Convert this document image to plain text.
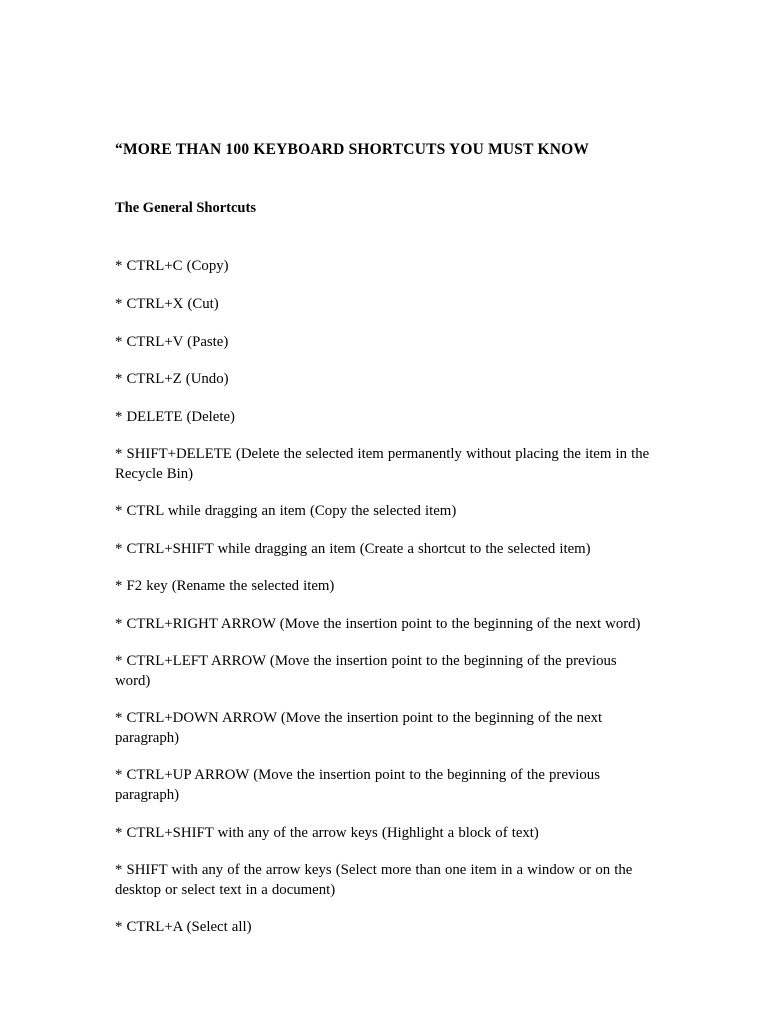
“MORE THAN 100 KEYBOARD SHORTCUTS YOU MUST KNOW
The General Shortcuts
* CTRL+C (Copy)
* CTRL+X (Cut)
* CTRL+V (Paste)
* CTRL+Z (Undo)
* DELETE (Delete)
* SHIFT+DELETE (Delete the selected item permanently without placing the item in the Recycle Bin)
* CTRL while dragging an item (Copy the selected item)
* CTRL+SHIFT while dragging an item (Create a shortcut to the selected item)
* F2 key (Rename the selected item)
* CTRL+RIGHT ARROW (Move the insertion point to the beginning of the next word)
* CTRL+LEFT ARROW (Move the insertion point to the beginning of the previous word)
* CTRL+DOWN ARROW (Move the insertion point to the beginning of the next paragraph)
* CTRL+UP ARROW (Move the insertion point to the beginning of the previous paragraph)
* CTRL+SHIFT with any of the arrow keys (Highlight a block of text)
* SHIFT with any of the arrow keys (Select more than one item in a window or on the desktop or select text in a document)
* CTRL+A (Select all)
